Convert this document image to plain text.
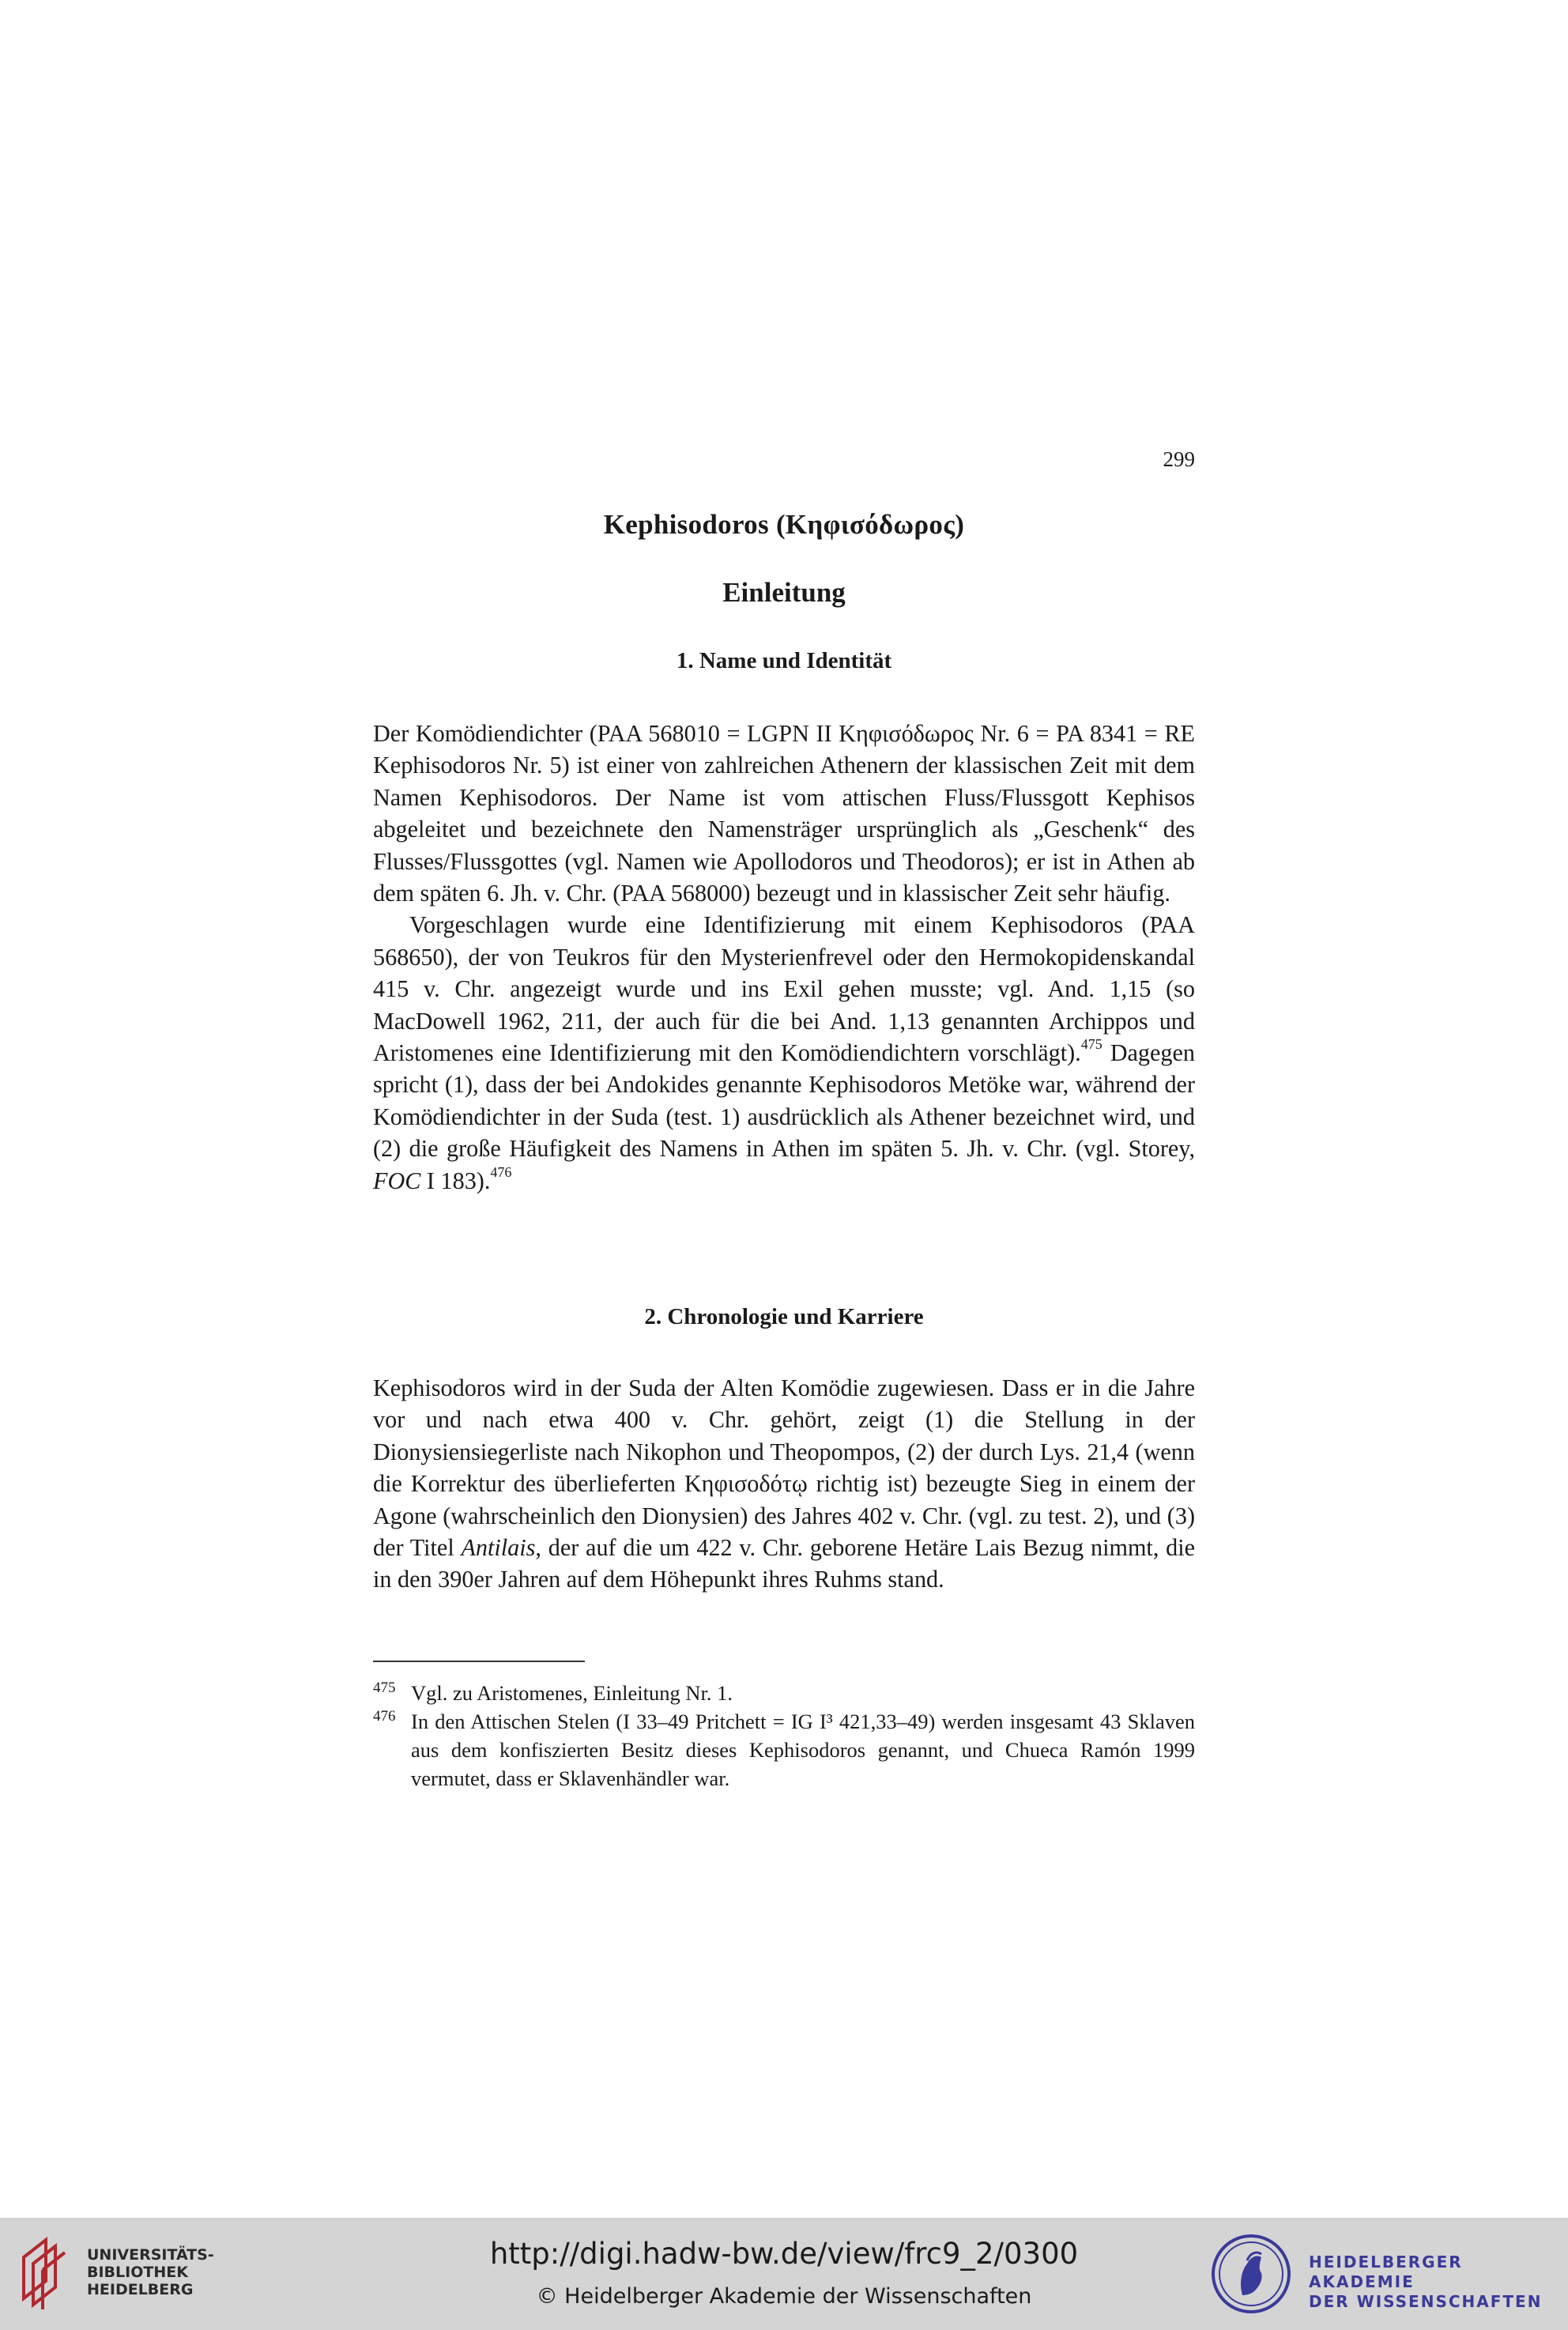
299
Kephisodoros (Κηφισόδωρος)
Einleitung
1. Name und Identität

Der Komödiendichter (PAA 568010 = LGPN II Κηφισόδωρος Nr. 6 = PA 8341 = RE Kephisodoros Nr. 5) ist einer von zahlreichen Athenern der klassischen Zeit mit dem Namen Kephisodoros. Der Name ist vom attischen Fluss/Flussgott Kephisos abgeleitet und bezeichnete den Namensträger ursprünglich als „Geschenk“ des Flusses/Flussgottes (vgl. Namen wie Apollodoros und Theodoros); er ist in Athen ab dem späten 6. Jh. v. Chr. (PAA 568000) bezeugt und in klassischer Zeit sehr häufig.

Vorgeschlagen wurde eine Identifizierung mit einem Kephisodoros (PAA 568650), der von Teukros für den Mysterienfrevel oder den Hermokopidenskandal 415 v. Chr. angezeigt wurde und ins Exil gehen musste; vgl. And. 1,15 (so MacDowell 1962, 211, der auch für die bei And. 1,13 genannten Archippos und Aristomenes eine Identifizierung mit den Komödiendichtern vorschlägt).$^{475}$ Dagegen spricht (1), dass der bei Andokides genannte Kephisodoros Metöke war, während der Komödiendichter in der Suda (test. 1) ausdrücklich als Athener bezeichnet wird, und (2) die große Häufigkeit des Namens in Athen im späten 5. Jh. v. Chr. (vgl. Storey, FOC I 183).$^{476}$

2. Chronologie und Karriere

Kephisodoros wird in der Suda der Alten Komödie zugewiesen. Dass er in die Jahre vor und nach etwa 400 v. Chr. gehört, zeigt (1) die Stellung in der Dionysiensiegerliste nach Nikophon und Theopompos, (2) der durch Lys. 21,4 (wenn die Korrektur des überlieferten Κηφισοδότῳ richtig ist) bezeugte Sieg in einem der Agone (wahrscheinlich den Dionysien) des Jahres 402 v. Chr. (vgl. zu test. 2), und (3) der Titel Antilais, der auf die um 422 v. Chr. geborene Hetäre Lais Bezug nimmt, die in den 390er Jahren auf dem Höhepunkt ihres Ruhms stand.

475 Vgl. zu Aristomenes, Einleitung Nr. 1.

476 In den Attischen Stelen (I 33–49 Pritchett = IG I³ 421,33–49) werden insgesamt 43 Sklaven aus dem konfiszierten Besitz dieses Kephisodoros genannt, und Chueca Ramón 1999 vermutet, dass er Sklavenhändler war.

UNIVERSITÄTS-
BIBLIOTHEK
HEIDELBERG
http://digi.hadw-bw.de/view/frc9_2/0300
© Heidelberger Akademie der Wissenschaften
HEIDELBERGER AKADEMIE
DER WISSENSCHAFTEN
